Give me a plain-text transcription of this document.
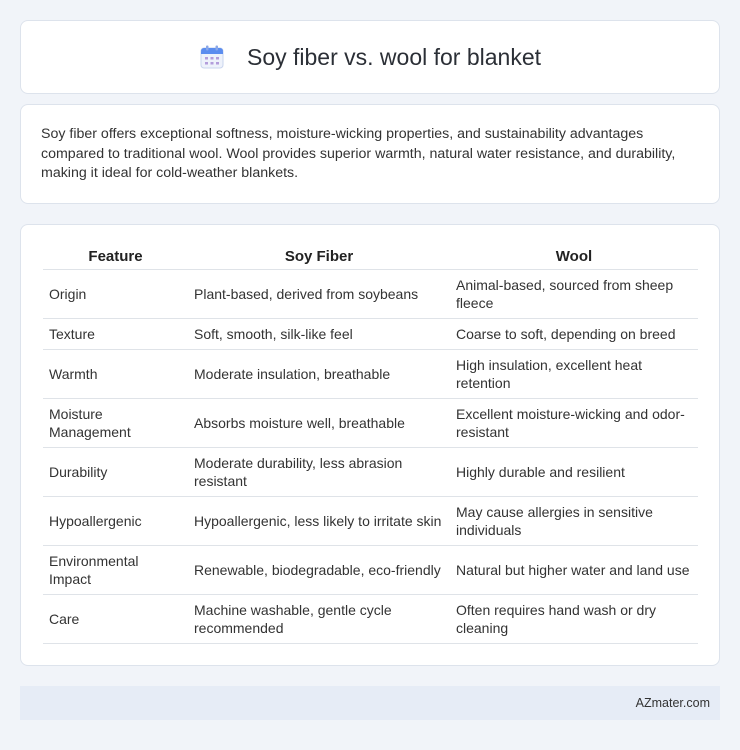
Soy fiber vs. wool for blanket

Soy fiber offers exceptional softness, moisture-wicking properties, and sustainability advantages compared to traditional wool. Wool provides superior warmth, natural water resistance, and durability, making it ideal for cold-weather blankets.

Feature	Soy Fiber	Wool
Origin	Plant-based, derived from soybeans	Animal-based, sourced from sheep fleece
Texture	Soft, smooth, silk-like feel	Coarse to soft, depending on breed
Warmth	Moderate insulation, breathable	High insulation, excellent heat retention
Moisture Management	Absorbs moisture well, breathable	Excellent moisture-wicking and odor-resistant
Durability	Moderate durability, less abrasion resistant	Highly durable and resilient
Hypoallergenic	Hypoallergenic, less likely to irritate skin	May cause allergies in sensitive individuals
Environmental Impact	Renewable, biodegradable, eco-friendly	Natural but higher water and land use
Care	Machine washable, gentle cycle recommended	Often requires hand wash or dry cleaning
AZmater.com
